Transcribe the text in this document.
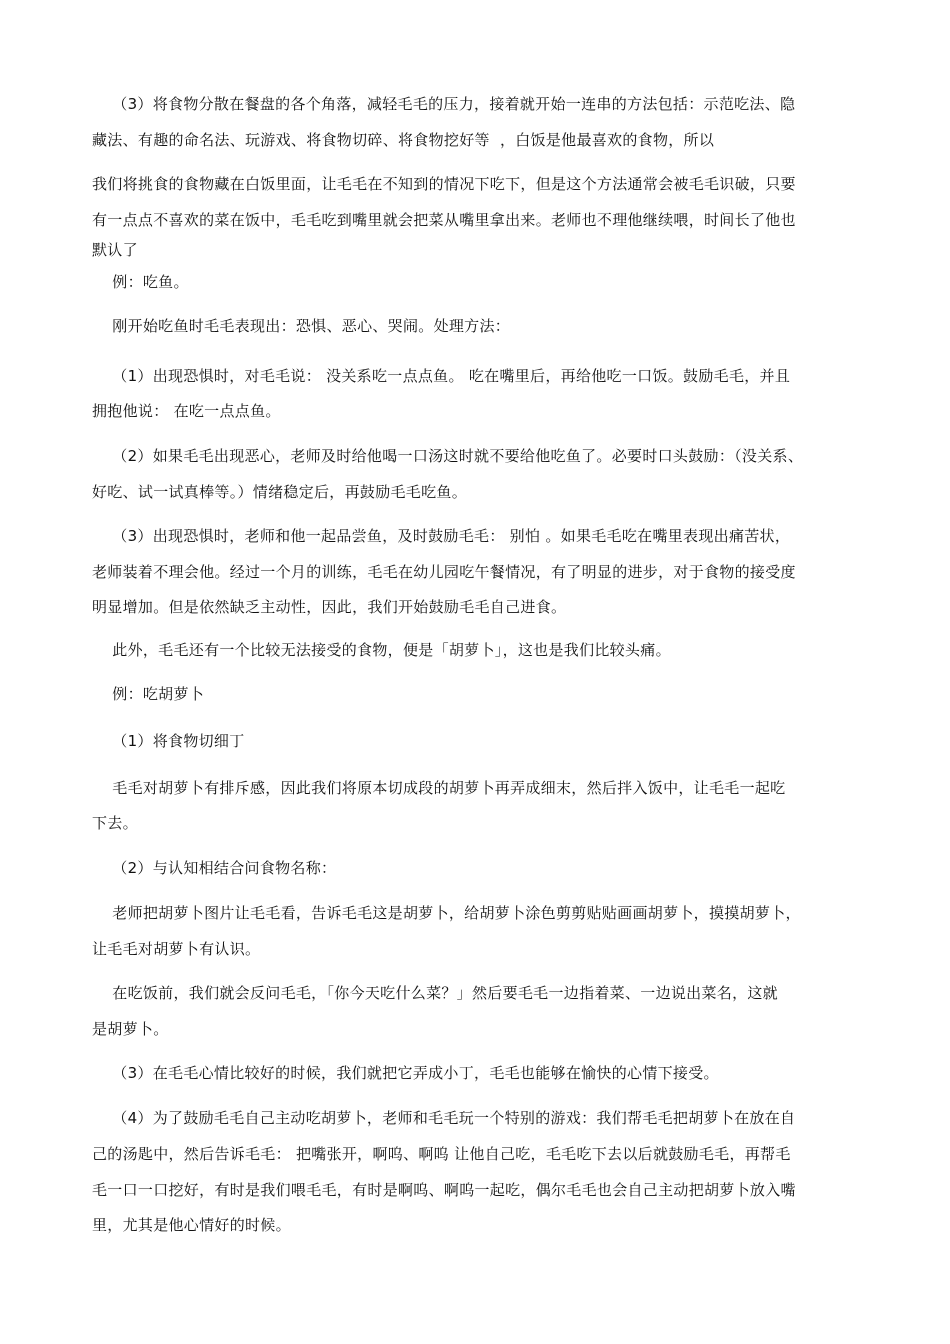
（3）将食物分散在餐盘的各个角落，减轻毛毛的压力，接着就开始一连串的方法包括：示范吃法、隐
藏法、有趣的命名法、玩游戏、将食物切碎、将食物挖好等  ，白饭是他最喜欢的食物，所以
我们将挑食的食物藏在白饭里面，让毛毛在不知到的情况下吃下，但是这个方法通常会被毛毛识破，只要
有一点点不喜欢的菜在饭中，毛毛吃到嘴里就会把菜从嘴里拿出来。老师也不理他继续喂，时间长了他也
默认了
例：吃鱼。
刚开始吃鱼时毛毛表现出：恐惧、恶心、哭闹。处理方法：
（1）出现恐惧时，对毛毛说： 没关系吃一点点鱼。 吃在嘴里后，再给他吃一口饭。鼓励毛毛，并且
拥抱他说： 在吃一点点鱼。
（2）如果毛毛出现恶心，老师及时给他喝一口汤这时就不要给他吃鱼了。必要时口头鼓励：（没关系、
好吃、试一试真棒等。）情绪稳定后，再鼓励毛毛吃鱼。
（3）出现恐惧时，老师和他一起品尝鱼，及时鼓励毛毛： 别怕 。如果毛毛吃在嘴里表现出痛苦状，
老师装着不理会他。经过一个月的训练，毛毛在幼儿园吃午餐情况，有了明显的进步，对于食物的接受度
明显增加。但是依然缺乏主动性，因此，我们开始鼓励毛毛自己进食。
此外，毛毛还有一个比较无法接受的食物，便是「胡萝卜」，这也是我们比较头痛。
例：吃胡萝卜
（1）将食物切细丁
毛毛对胡萝卜有排斥感，因此我们将原本切成段的胡萝卜再弄成细末，然后拌入饭中，让毛毛一起吃
下去。
（2）与认知相结合问食物名称：
老师把胡萝卜图片让毛毛看，告诉毛毛这是胡萝卜，给胡萝卜涂色剪剪贴贴画画胡萝卜，摸摸胡萝卜，
让毛毛对胡萝卜有认识。
在吃饭前，我们就会反问毛毛，「你今天吃什么菜？」然后要毛毛一边指着菜、一边说出菜名，这就
是胡萝卜。
（3）在毛毛心情比较好的时候，我们就把它弄成小丁，毛毛也能够在愉快的心情下接受。
（4）为了鼓励毛毛自己主动吃胡萝卜，老师和毛毛玩一个特别的游戏：我们帮毛毛把胡萝卜在放在自
己的汤匙中，然后告诉毛毛： 把嘴张开，啊呜、啊呜 让他自己吃，毛毛吃下去以后就鼓励毛毛，再帮毛
毛一口一口挖好，有时是我们喂毛毛，有时是啊呜、啊呜一起吃，偶尔毛毛也会自己主动把胡萝卜放入嘴
里，尤其是他心情好的时候。
